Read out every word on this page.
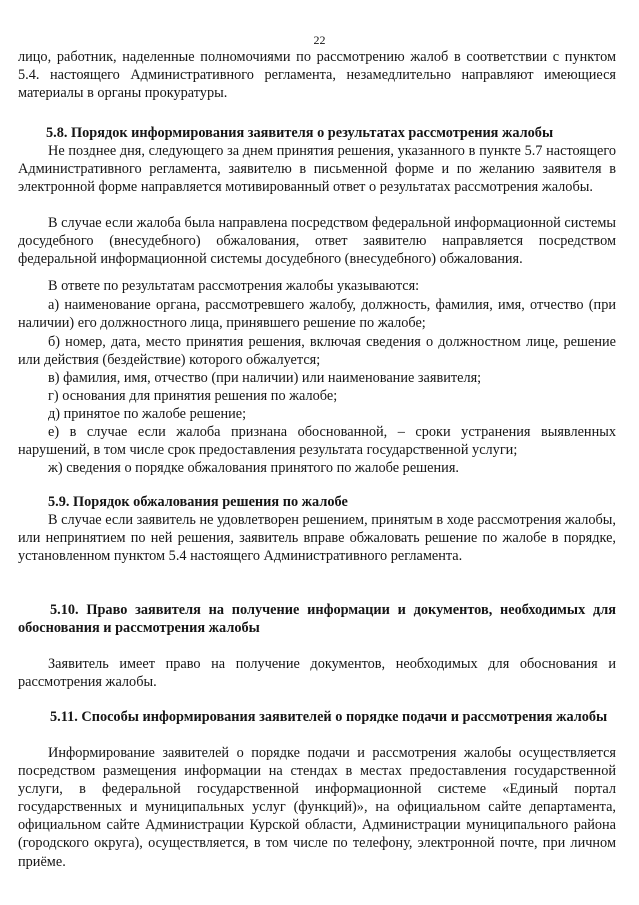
22

лицо, работник, наделенные полномочиями по рассмотрению жалоб в соответствии с пунктом 5.4. настоящего Административного регламента, незамедлительно направляют имеющиеся материалы в органы прокуратуры.

5.8. Порядок информирования заявителя о результатах рассмотрения жалобы

Не позднее дня, следующего за днем принятия решения, указанного в пункте 5.7 настоящего Административного регламента, заявителю в письменной форме и по желанию заявителя в электронной форме направляется мотивированный ответ о результатах рассмотрения жалобы.

В случае если жалоба была направлена посредством федеральной информационной системы досудебного (внесудебного) обжалования, ответ заявителю направляется посредством федеральной информационной системы досудебного (внесудебного) обжалования.

В ответе по результатам рассмотрения жалобы указываются:

а) наименование органа, рассмотревшего жалобу, должность, фамилия, имя, отчество (при наличии) его должностного лица, принявшего решение по жалобе;

б) номер, дата, место принятия решения, включая сведения о должностном лице, решение или действия (бездействие) которого обжалуется;

в) фамилия, имя, отчество (при наличии) или наименование заявителя;

г) основания для принятия решения по жалобе;

д) принятое по жалобе решение;

е) в случае если жалоба признана обоснованной, – сроки устранения выявленных нарушений, в том числе срок предоставления результата государственной услуги;

ж) сведения о порядке обжалования принятого по жалобе решения.

5.9. Порядок обжалования решения по жалобе

В случае если заявитель не удовлетворен решением, принятым в ходе рассмотрения жалобы, или непринятием по ней решения, заявитель вправе обжаловать решение по жалобе в порядке, установленном пунктом 5.4 настоящего Административного регламента.

5.10. Право заявителя на получение информации и документов, необходимых для обоснования и рассмотрения жалобы

Заявитель имеет право на получение документов, необходимых для обоснования и рассмотрения жалобы.

5.11. Способы информирования заявителей о порядке подачи и рассмотрения жалобы

Информирование заявителей о порядке подачи и рассмотрения жалобы осуществляется посредством размещения информации на стендах в местах предоставления государственной услуги, в федеральной государственной информационной системе «Единый портал государственных и муниципальных услуг (функций)», на официальном сайте департамента, официальном сайте Администрации Курской области, Администрации муниципального района (городского округа), осуществляется, в том числе по телефону, электронной почте, при личном приёме.
